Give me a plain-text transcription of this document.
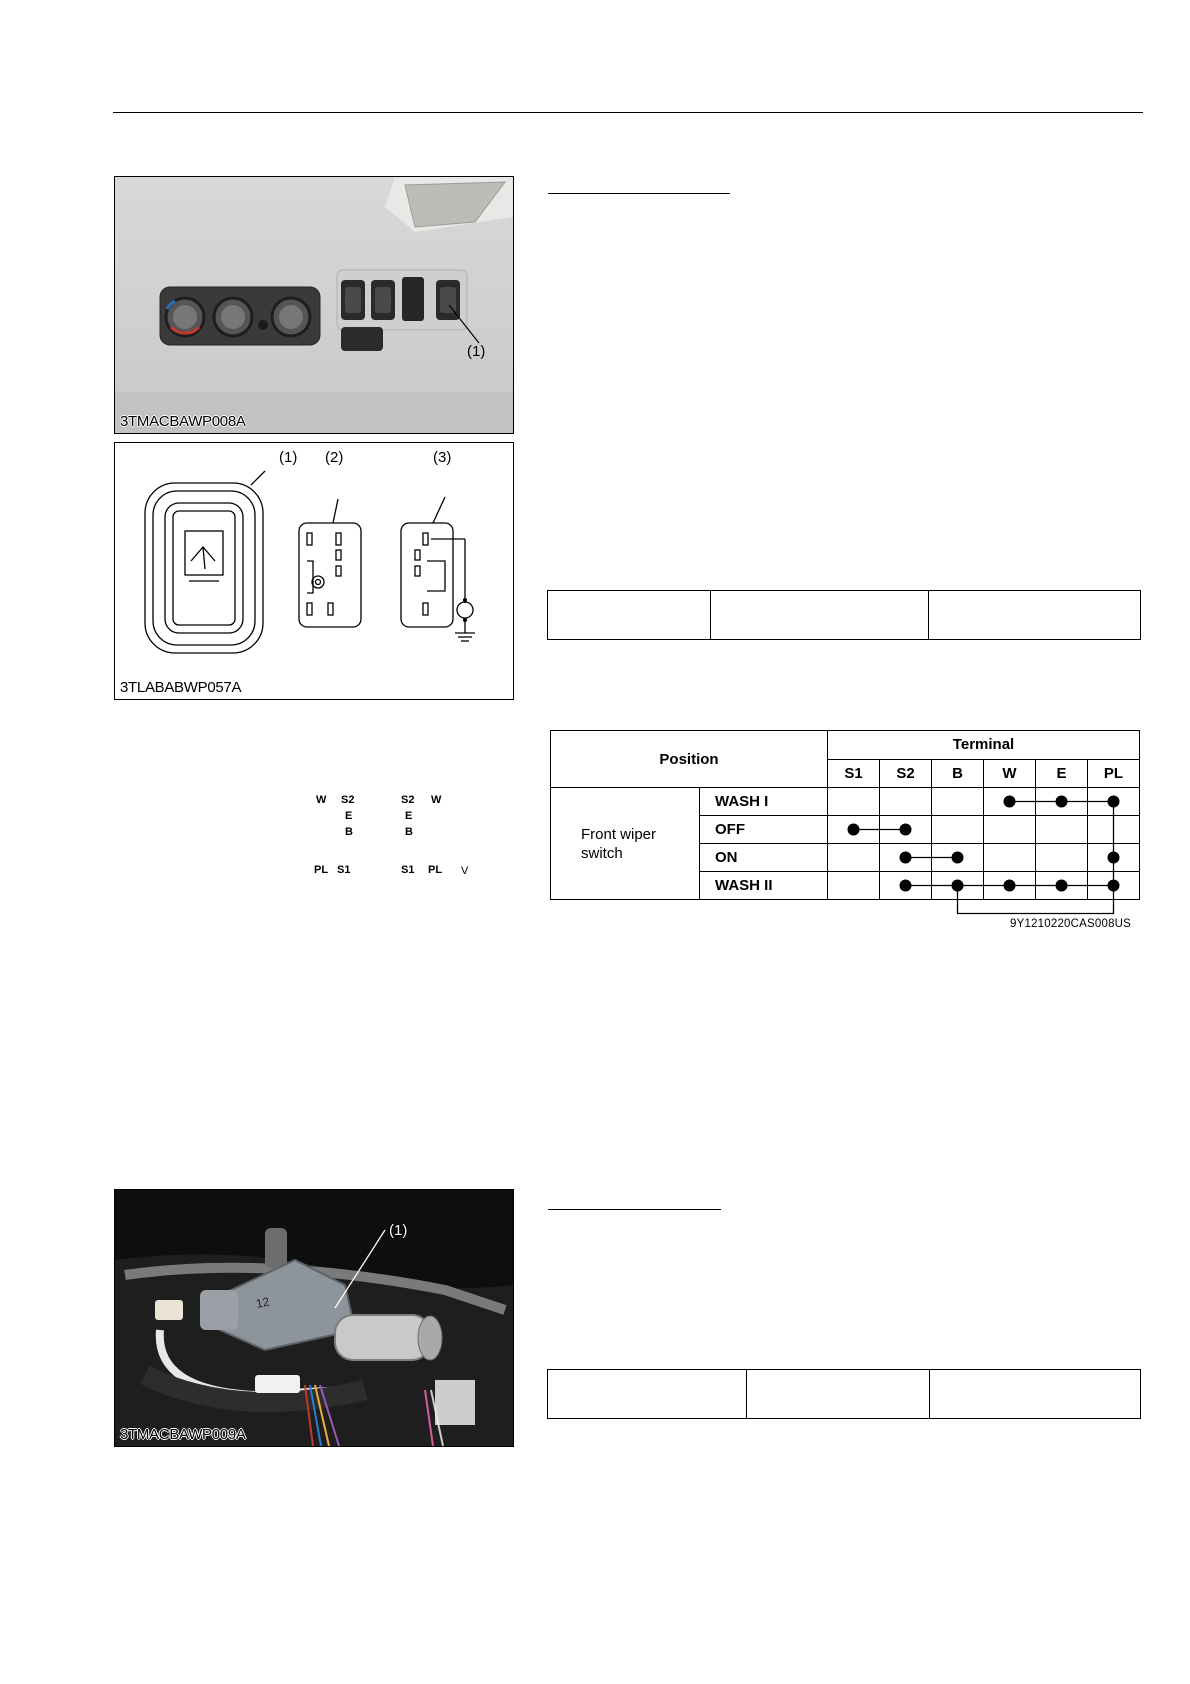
(1)
3TMACBAWP008A
(1) (2)	(3)
W S2
E
B
PL S1
S2 W
E
B
S1 PL V
3TLABABWP057A
12
(1)
3TMACBAWP009A
Position		Terminal					
		S1	S2	B	W	E	PL
Front wiper switch	WASH I						
	OFF						
	ON						
	WASH II						
9Y1210220CAS008US
